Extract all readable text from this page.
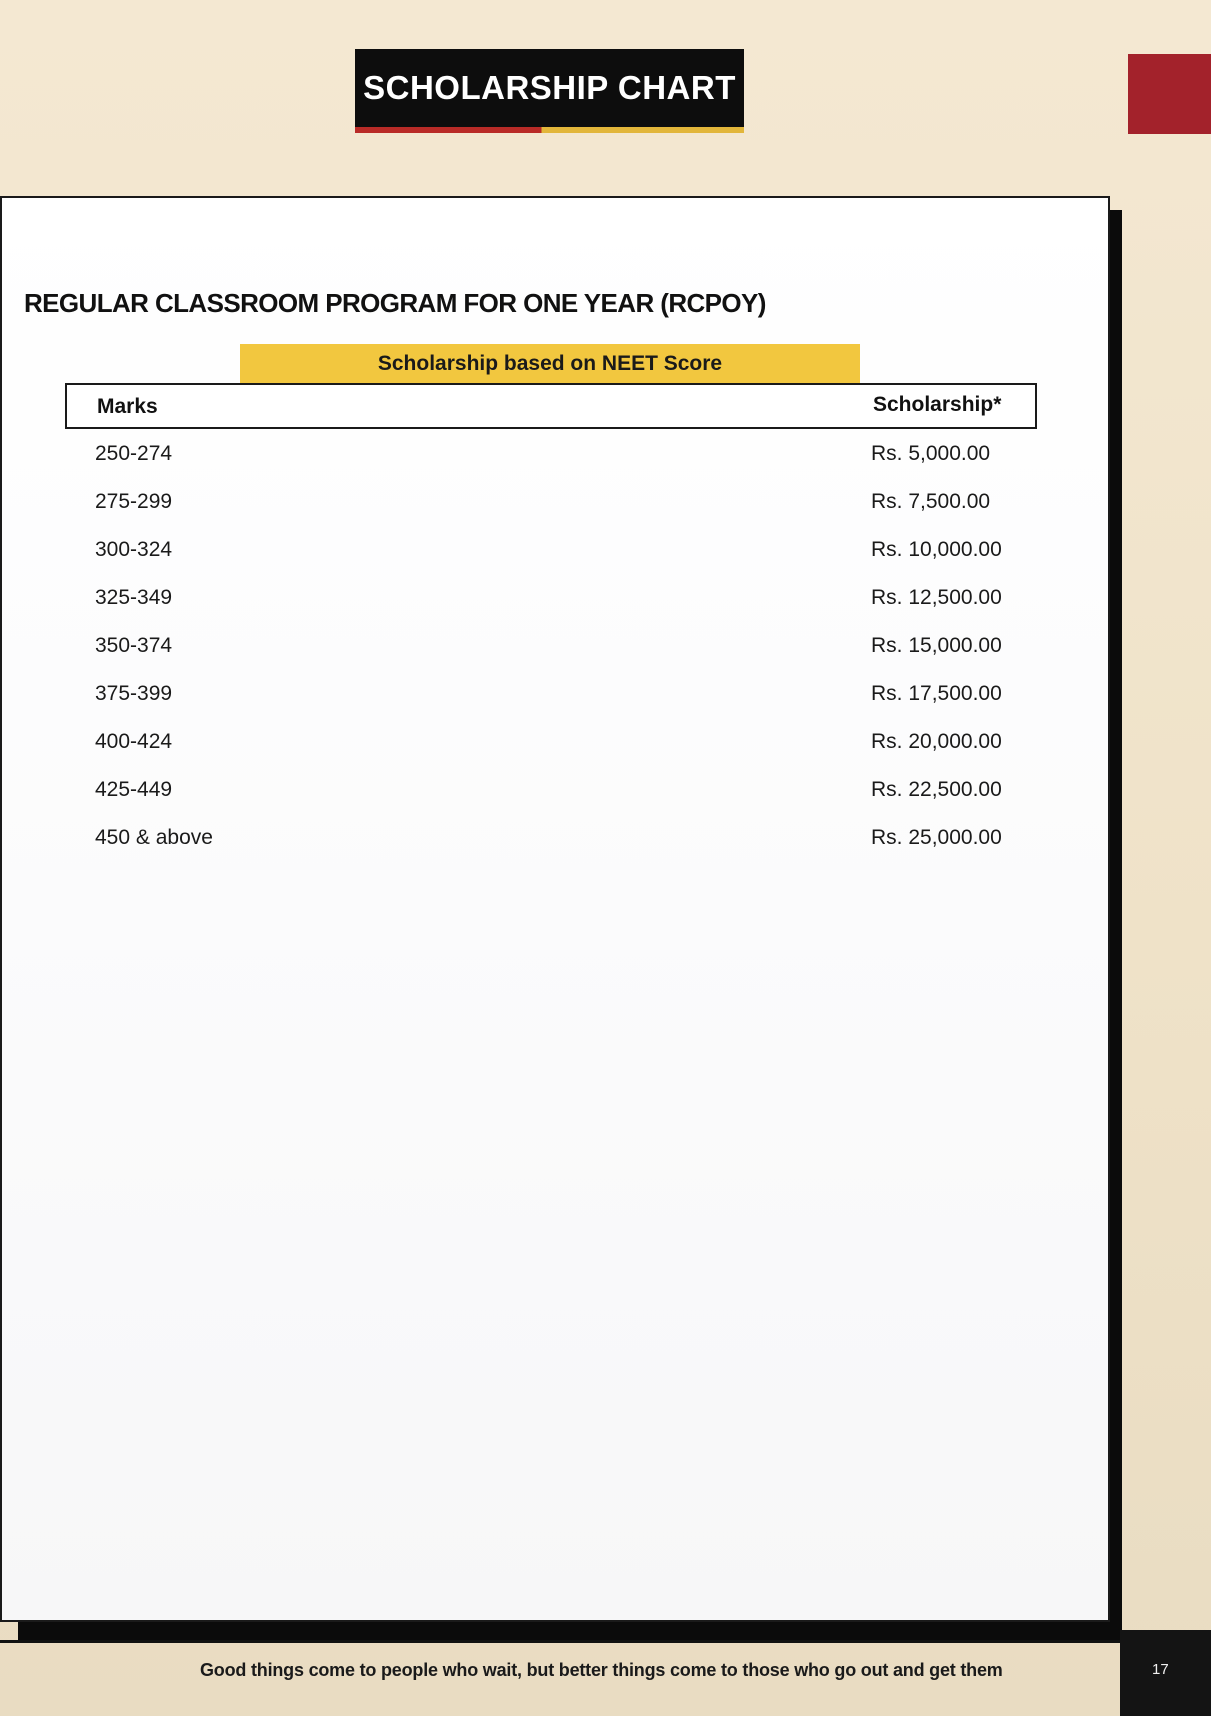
SCHOLARSHIP CHART
REGULAR CLASSROOM PROGRAM FOR ONE YEAR (RCPOY)
Scholarship based on NEET Score
Marks	Scholarship*
250-274	Rs. 5,000.00
275-299	Rs. 7,500.00
300-324	Rs. 10,000.00
325-349	Rs. 12,500.00
350-374	Rs. 15,000.00
375-399	Rs. 17,500.00
400-424	Rs. 20,000.00
425-449	Rs. 22,500.00
450 & above	Rs. 25,000.00
Good things come to people who wait, but better things come to those who go out and get them	17
